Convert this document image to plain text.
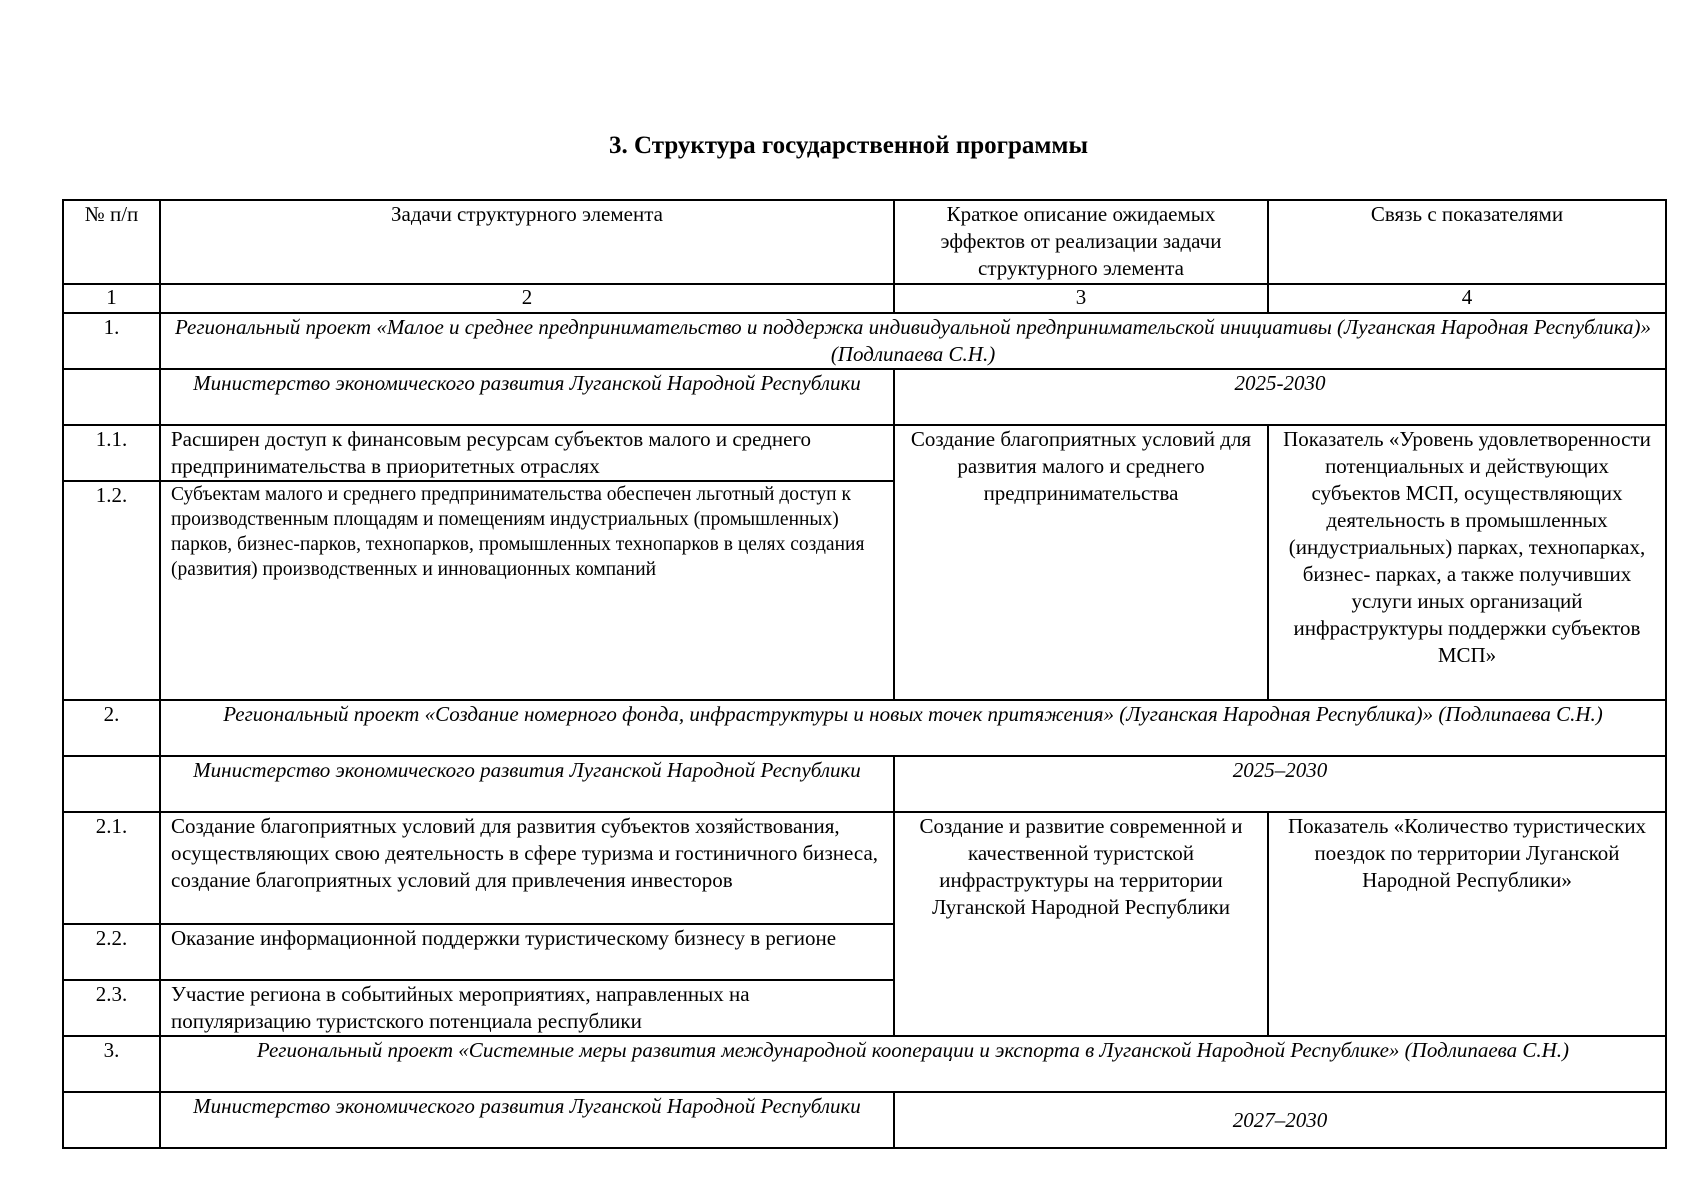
3. Структура государственной программы
№ п/п	Задачи структурного элемента	Краткое описание ожидаемых эффектов от реализации задачи структурного элемента	Связь с показателями
1	2	3	4
1.	Региональный проект «Малое и среднее предпринимательство и поддержка индивидуальной предпринимательской инициативы (Луганская Народная Республика)» (Подлипаева С.Н.)		
	Министерство экономического развития Луганской Народной Республики	2025-2030	
1.1.	Расширен доступ к финансовым ресурсам субъектов малого и среднего предпринимательства в приоритетных отраслях	Создание благоприятных условий для развития малого и среднего предпринимательства	Показатель «Уровень удовлетворенности потенциальных и действующих субъектов МСП, осуществляющих деятельность в промышленных (индустриальных) парках, технопарках, бизнес- парках, а также получивших услуги иных организаций инфраструктуры поддержки субъектов МСП»
1.2.	Субъектам малого и среднего предпринимательства обеспечен льготный доступ к производственным площадям и помещениям индустриальных (промышленных) парков, бизнес-парков, технопарков, промышленных технопарков в целях создания (развития) производственных и инновационных компаний		
2.	Региональный проект «Создание номерного фонда, инфраструктуры и новых точек притяжения» (Луганская Народная Республика)» (Подлипаева С.Н.)		
	Министерство экономического развития Луганской Народной Республики	2025–2030	
2.1.	Создание благоприятных условий для развития субъектов хозяйствования, осуществляющих свою деятельность в сфере туризма и гостиничного бизнеса, создание благоприятных условий для привлечения инвесторов	Создание и развитие современной и качественной туристской инфраструктуры на территории Луганской Народной Республики	Показатель «Количество туристических поездок по территории Луганской Народной Республики»
2.2.	Оказание информационной поддержки туристическому бизнесу в регионе		
2.3.	Участие региона в событийных мероприятиях, направленных на популяризацию туристского потенциала республики		
3.	Региональный проект «Системные меры развития международной кооперации и экспорта в Луганской Народной Республике» (Подлипаева С.Н.)		
	Министерство экономического развития Луганской Народной Республики	2027–2030	
